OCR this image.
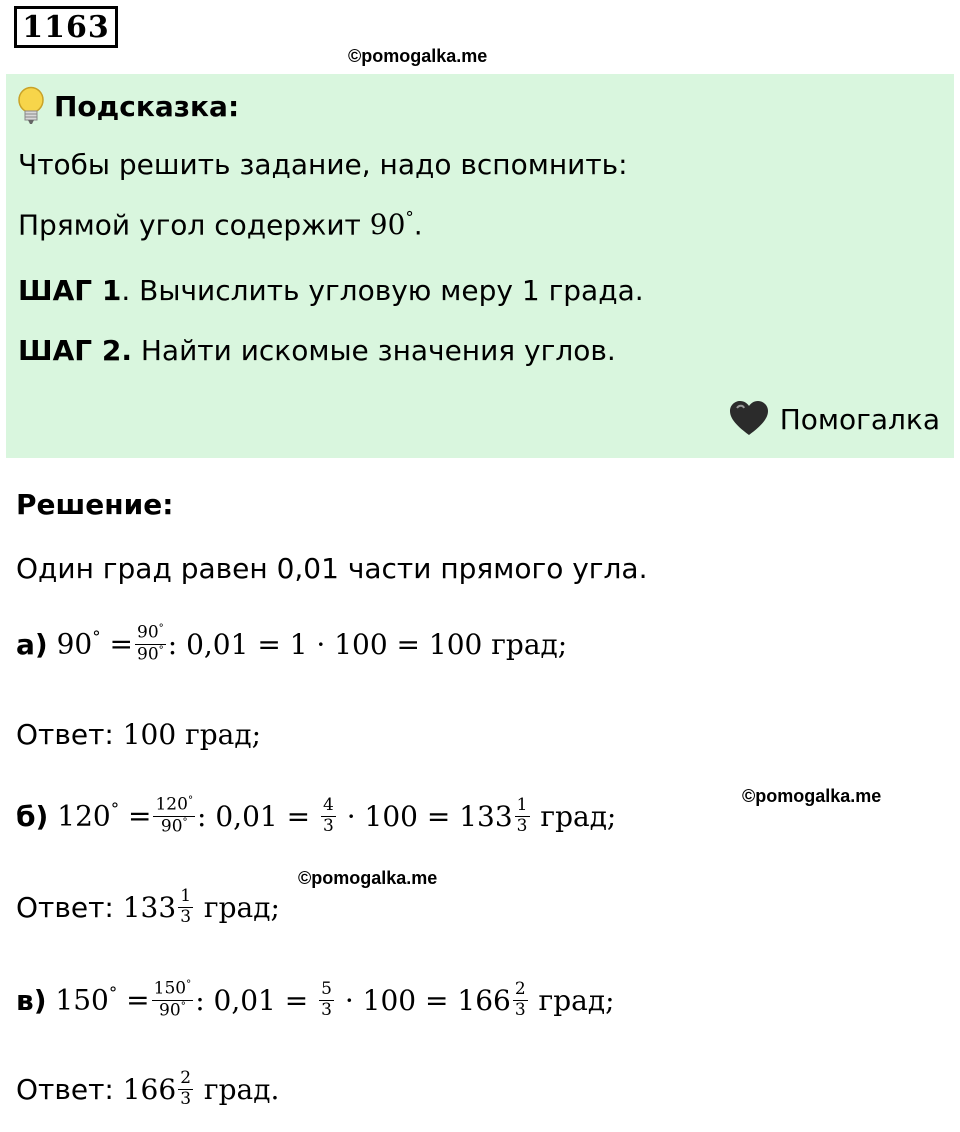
1163
©pomogalka.me
Подсказка:
Чтобы решить задание, надо вспомнить:
Прямой угол содержит 90°.
ШАГ 1. Вычислить угловую меру 1 града.
ШАГ 2. Найти искомые значения углов.
Помогалка
Решение:
Один град равен 0,01 части прямого угла.
а)
$90^\circ = \frac{90^\circ}{90^\circ}$ : 0,01 = 1 · 100 = 100 град;
Ответ: 100 град;
б)
$120^\circ = \frac{120^\circ}{90^\circ}$ : $0,01 = \frac{4}{3} \cdot 100 = 133 \frac{1}{3}$ град;
©pomogalka.me
©pomogalka.me
Ответ: $133 \frac{1}{3}$ град;
в)
$150^\circ = \frac{150^\circ}{90^\circ}$ : $0,01 = \frac{5}{3} \cdot 100 = 166 \frac{2}{3}$ град;
Ответ: $166 \frac{2}{3}$ град.
